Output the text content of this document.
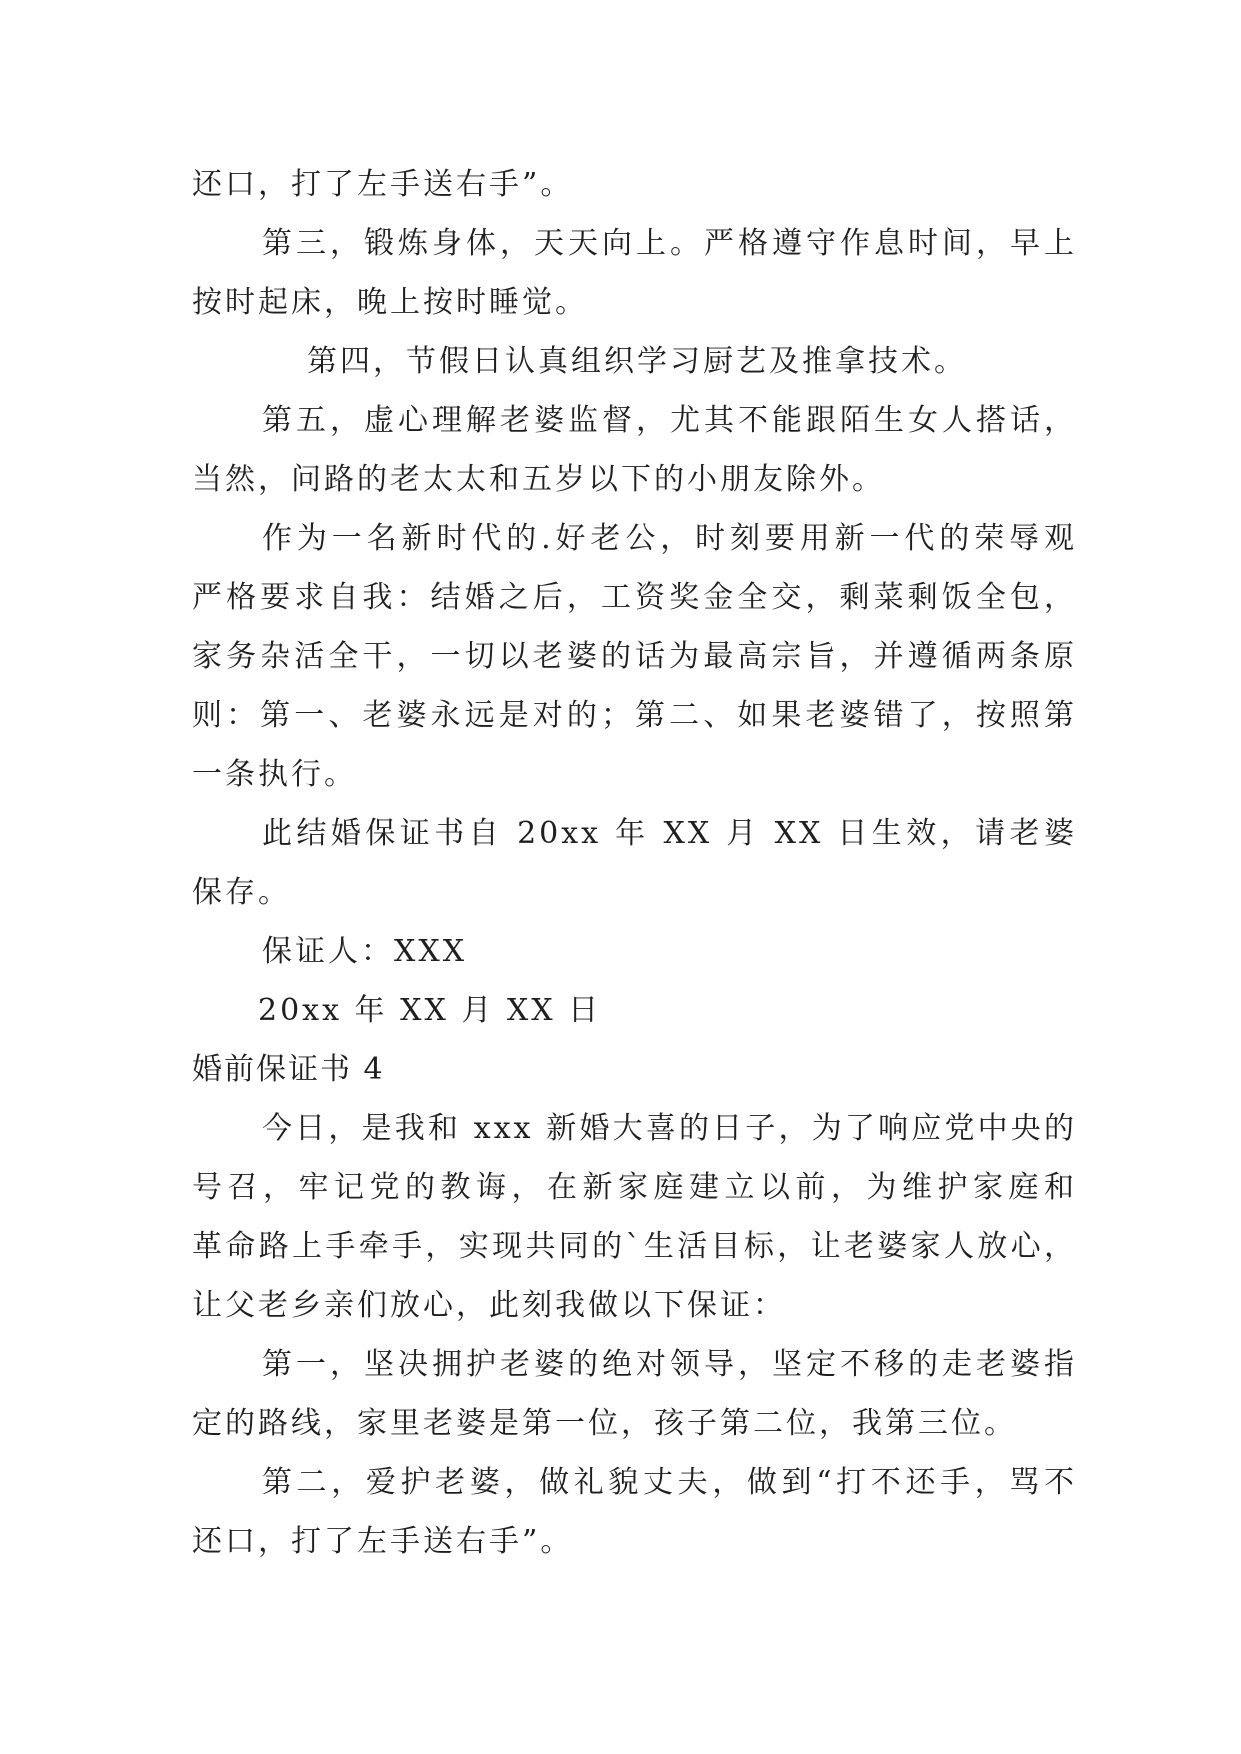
还口，打了左手送右手”。
第三，锻炼身体，天天向上。严格遵守作息时间，早上
按时起床，晚上按时睡觉。
第四，节假日认真组织学习厨艺及推拿技术。
第五，虚心理解老婆监督，尤其不能跟陌生女人搭话，
当然，问路的老太太和五岁以下的小朋友除外。
作为一名新时代的.好老公，时刻要用新一代的荣辱观
严格要求自我：结婚之后，工资奖金全交，剩菜剩饭全包，
家务杂活全干，一切以老婆的话为最高宗旨，并遵循两条原
则：第一、老婆永远是对的；第二、如果老婆错了，按照第
一条执行。
此结婚保证书自 20xx 年 XX 月 XX 日生效，请老婆
保存。
保证人：XXX
20xx 年 XX 月 XX 日
婚前保证书 4
今日，是我和 xxx 新婚大喜的日子，为了响应党中央的
号召，牢记党的教诲，在新家庭建立以前，为维护家庭和
革命路上手牵手，实现共同的`生活目标，让老婆家人放心，
让父老乡亲们放心，此刻我做以下保证：
第一，坚决拥护老婆的绝对领导，坚定不移的走老婆指
定的路线，家里老婆是第一位，孩子第二位，我第三位。
第二，爱护老婆，做礼貌丈夫，做到“打不还手，骂不
还口，打了左手送右手”。
